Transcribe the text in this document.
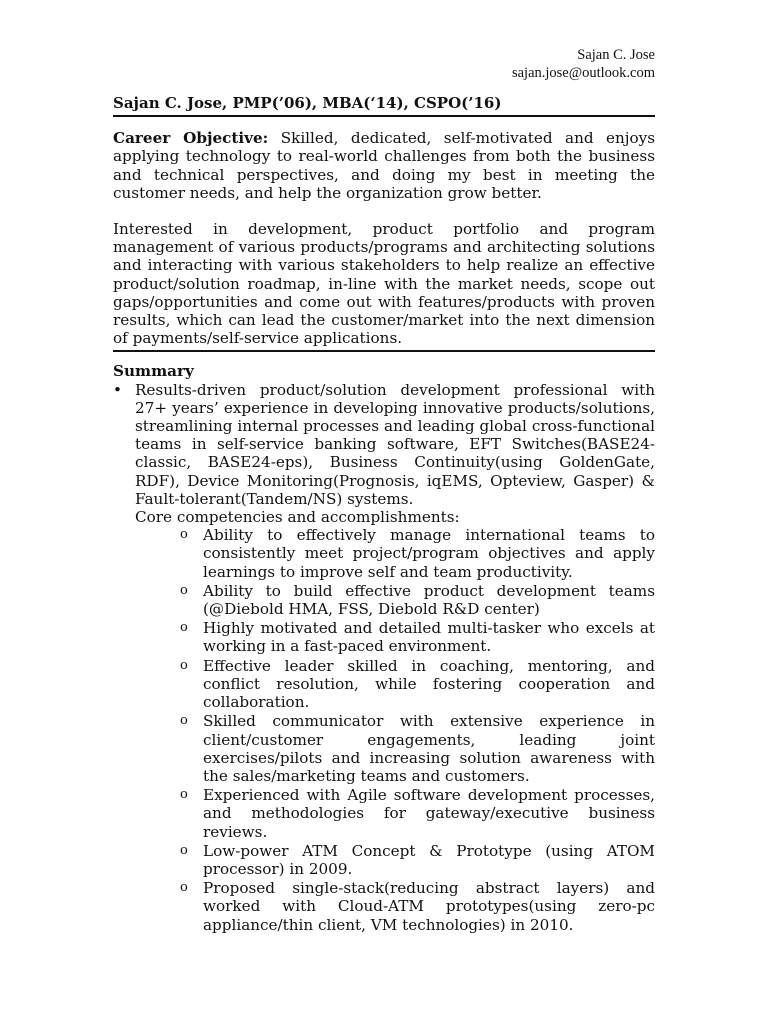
Sajan C. Jose
sajan.jose@outlook.com
Sajan C. Jose, PMP(’06), MBA(‘14), CSPO(’16)
Career Objective: Skilled, dedicated, self-motivated and enjoys applying technology to real-world challenges from both the business and technical perspectives, and doing my best in meeting the customer needs, and help the organization grow better.
Interested in development, product portfolio and program management of various products/programs and architecting solutions and interacting with various stakeholders to help realize an effective product/solution roadmap, in-line with the market needs, scope out gaps/opportunities and come out with features/products with proven results, which can lead the customer/market into the next dimension of payments/self-service applications.
Summary
• Results-driven product/solution development professional with 27+ years’ experience in developing innovative products/solutions, streamlining internal processes and leading global cross-functional teams in self-service banking software, EFT Switches(BASE24-classic, BASE24-eps), Business Continuity(using GoldenGate, RDF), Device Monitoring(Prognosis, iqEMS, Opteview, Gasper) & Fault-tolerant(Tandem/NS) systems.
Core competencies and accomplishments:
o Ability to effectively manage international teams to consistently meet project/program objectives and apply learnings to improve self and team productivity.
o Ability to build effective product development teams (@Diebold HMA, FSS, Diebold R&D center)
o Highly motivated and detailed multi-tasker who excels at working in a fast-paced environment.
o Effective leader skilled in coaching, mentoring, and conflict resolution, while fostering cooperation and collaboration.
o Skilled communicator with extensive experience in client/customer engagements, leading joint exercises/pilots and increasing solution awareness with the sales/marketing teams and customers.
o Experienced with Agile software development processes, and methodologies for gateway/executive business reviews.
o Low-power ATM Concept & Prototype (using ATOM processor) in 2009.
o Proposed single-stack(reducing abstract layers) and worked with Cloud-ATM prototypes(using zero-pc appliance/thin client, VM technologies) in 2010.
